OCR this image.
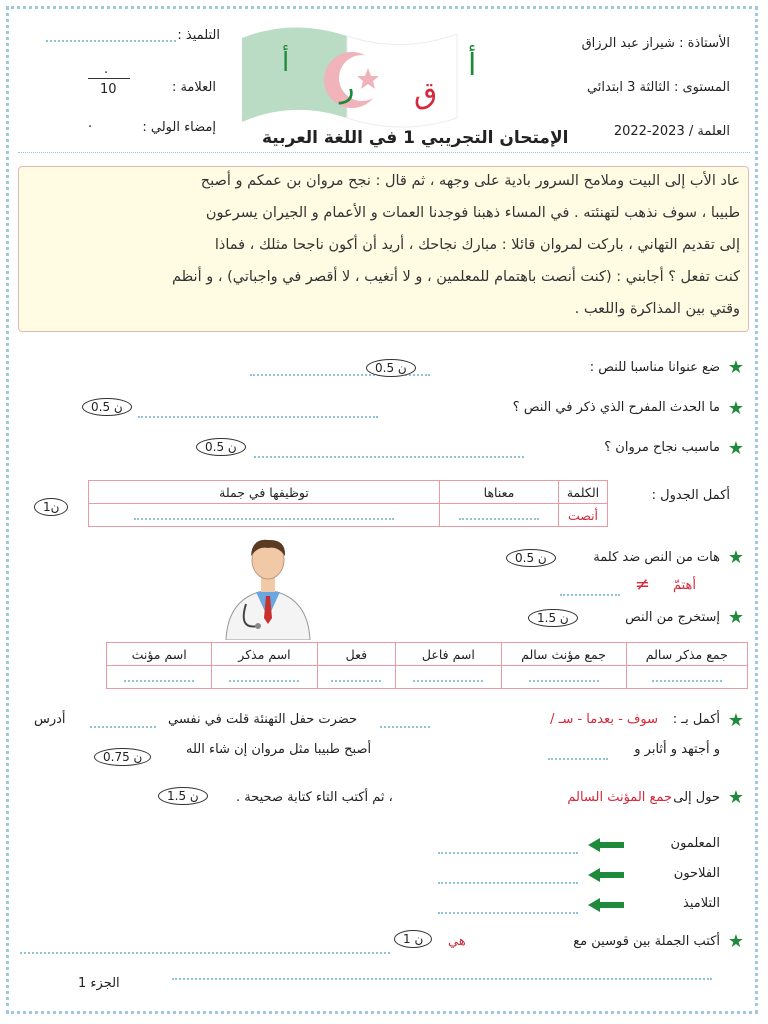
التلميذ :
العلامة :
.
10
إمضاء الولي :
.
الأستاذة : شيراز عبد الرزاق
المستوى : الثالثة 3 ابتدائي
العلمة / 2023-2022
أ
أ
ق
ر
الإمتحان التجريبي 1 في اللغة العربية

عاد الأب إلى البيت وملامح السرور بادية على وجهه ، ثم قال : نجح مروان بن عمكم و أصبح

طبيبا ، سوف نذهب لتهنئته . في المساء ذهبنا فوجدنا العمات و الأعمام و الجيران يسرعون

إلى تقديم التهاني ، باركت لمروان قائلا : مبارك نجاحك ، أريد أن أكون ناجحا مثلك ، فماذا

كنت تفعل ؟ أجابني : (كنت أنصت باهتمام للمعلمين ، و لا أتغيب ، لا أقصر في واجباتي) ، و أنظم

وقتي بين المذاكرة واللعب .

★
ضع عنوانا مناسبا للنص :
0.5 ن
★
ما الحدث المفرح الذي ذكر في النص ؟
0.5 ن
★
ماسبب نجاح مروان ؟
0.5 ن
أكمل الجدول :
1ن
الكلمة	معناها	توظيفها في جملة
أنصت		
★
هات من النص ضد كلمة
0.5 ن
أهتمّ
≠
★
إستخرج من النص
1.5 ن
جمع مذكر سالم	جمع مؤنث سالم	اسم فاعل	فعل	اسم مذكر	اسم مؤنث

★
أكمل بـ :
سوف - بعدما - سـ /
حضرت حفل التهنئة قلت في نفسي
أدرس
و أجتهد و أثابر و
أصبح طبيبا مثل مروان إن شاء الله
0.75 ن
★
حول إلى
جمع المؤنث السالم
، ثم أكتب التاء كتابة صحيحة .
1.5 ن
المعلمون
الفلاحون
التلاميذ
★
أكتب الجملة بين قوسين مع
هي
1 ن
الجزء 1
